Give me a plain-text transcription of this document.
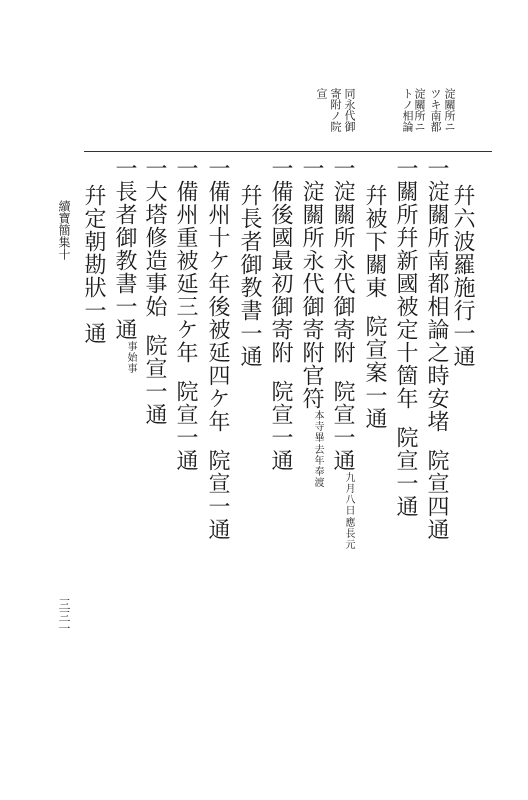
淀關所ニ ツキ南都
トノ相論	淀關所ニ
同永代御
寄附ノ院
宣
幷六波羅施行一通
一淀關所南都相論之時安堵院宣四通
一關所幷新國被定十箇年院宣一通
幷被下關東院宣案一通
一淀關所永代御寄附院宣一通
應長元
九月八日
一淀關所永代御寄附官符
去年奉渡
本寺畢
一備後國最初御寄附院宣一通
幷長者御教書一通
一備州十ケ年後被延四ケ年院宣一通
一備州重被延三ケ年院宣一通
一大塔修造事始院宣一通
一長者御教書一通
事始事
幷定朝勘狀一通
續寶簡集十
三三一
